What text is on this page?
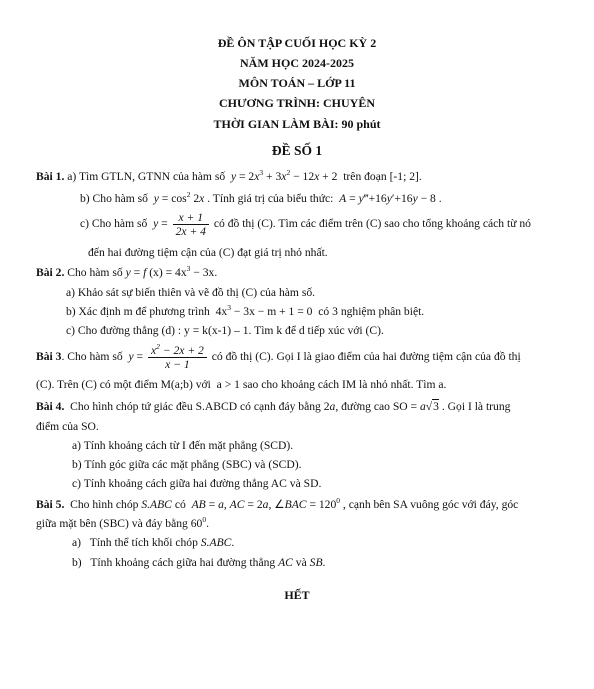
ĐỀ ÔN TẬP CUỐI HỌC KỲ 2
NĂM HỌC 2024-2025
MÔN TOÁN – LỚP 11
CHƯƠNG TRÌNH: CHUYÊN
THỜI GIAN LÀM BÀI: 90 phút
ĐỀ SỐ 1
Bài 1. a) Tìm GTLN, GTNN của hàm số  $y = 2x^3 + 3x^2 - 12x + 2$  trên đoạn [-1; 2].
b) Cho hàm số  $y = \cos^2 2x$ . Tính giá trị của biểu thức:  A = y‴+16y′+16y − 8 .
c) Cho hàm số  $y = \frac{x + 1}{2x + 4}$ có đồ thị (C). Tìm các điểm trên (C) sao cho tổng khoảng cách từ nó
đến hai đường tiệm cận của (C) đạt giá trị nhỏ nhất.
Bài 2. Cho hàm số y = f $(x) = 4x^3 - 3x$.
a) Khảo sát sự biến thiên và vẽ đồ thị (C) của hàm số.
b) Xác định m để phương trình  $4x^3 - 3x - m + 1 = 0$  có 3 nghiệm phân biệt.
c) Cho đường thẳng (d) : y = k(x-1) – 1. Tìm k để d tiếp xúc với (C).
Bài 3. Cho hàm số  $y = \frac{x^2 - 2x + 2}{x - 1}$ có đồ thị (C). Gọi I là giao điểm của hai đường tiệm cận của đồ thị
(C). Trên (C) có một điểm M(a;b) với  a > 1 sao cho khoảng cách IM là nhỏ nhất. Tìm a.
Bài 4.  Cho hình chóp tứ giác đều S.ABCD có cạnh đáy bằng 2a, đường cao SO = a√3 . Gọi I là trung
điểm của SO.
a) Tính khoảng cách từ I đến mặt phẳng (SCD).
b) Tính góc giữa các mặt phẳng (SBC) và (SCD).
c) Tính khoảng cách giữa hai đường thẳng AC và SD.
Bài 5.  Cho hình chóp S.ABC có  AB = a, AC = 2a, ∠BAC = $120^0$ , cạnh bên SA vuông góc với đáy, góc
giữa mặt bên (SBC) và đáy bằng $60^0$.
a)   Tính thể tích khối chóp S.ABC.
b)   Tính khoảng cách giữa hai đường thẳng AC và SB.
HẾT
